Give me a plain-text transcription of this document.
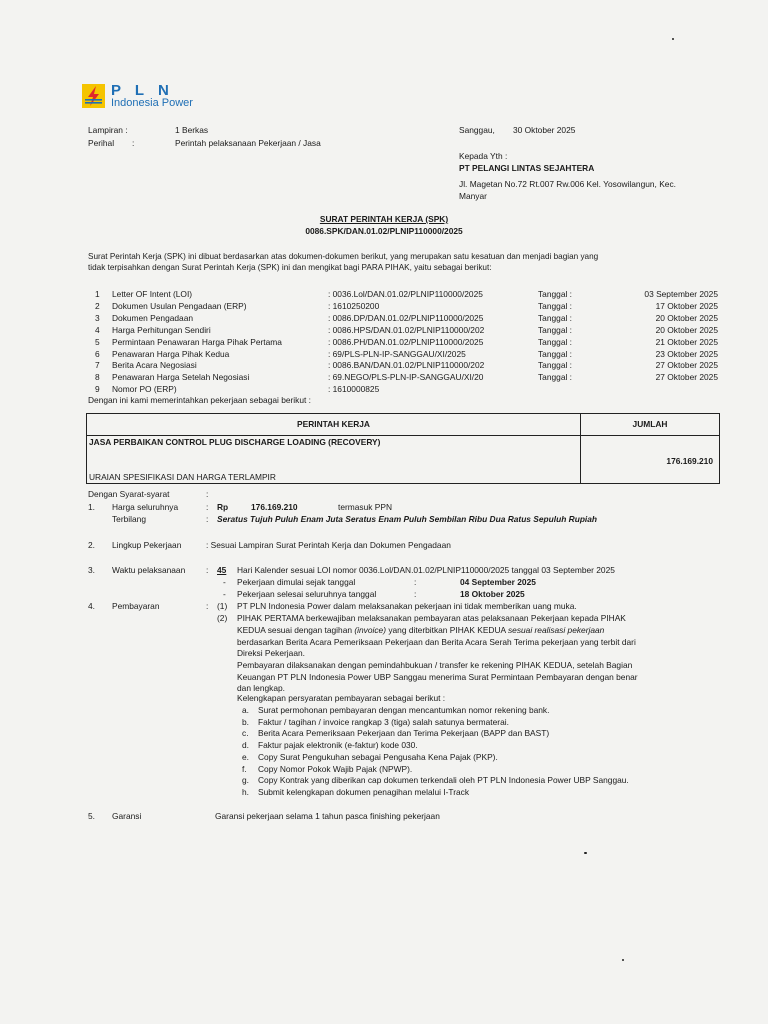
P L N
Indonesia Power
Lampiran :	1 Berkas
Perihal :	Perintah pelaksanaan Pekerjaan / Jasa
Sanggau, 30 Oktober 2025
Kepada Yth :
PT PELANGI LINTAS SEJAHTERA
Jl. Magetan No.72 Rt.007 Rw.006 Kel. Yosowilangun, Kec.
Manyar
SURAT PERINTAH KERJA (SPK)
0086.SPK/DAN.01.02/PLNIP110000/2025
Surat Perintah Kerja (SPK) ini dibuat berdasarkan atas dokumen-dokumen berikut, yang merupakan satu kesatuan dan menjadi bagian yang
tidak terpisahkan dengan Surat Perintah Kerja (SPK) ini dan mengikat bagi PARA PIHAK, yaitu sebagai berikut:
1 Letter OF Intent (LOI)	: 0036.Lol/DAN.01.02/PLNIP110000/2025	Tanggal :	03 September 2025
2 Dokumen Usulan Pengadaan (ERP)	: 1610250200	Tanggal :	17 Oktober 2025
3 Dokumen Pengadaan	: 0086.DP/DAN.01.02/PLNIP110000/2025	Tanggal :	20 Oktober 2025
4 Harga Perhitungan Sendiri	: 0086.HPS/DAN.01.02/PLNIP110000/202	Tanggal :	20 Oktober 2025
5 Permintaan Penawaran Harga Pihak Pertama	: 0086.PH/DAN.01.02/PLNIP110000/2025	Tanggal :	21 Oktober 2025
6 Penawaran Harga Pihak Kedua	: 69/PLS-PLN-IP-SANGGAU/XI/2025	Tanggal :	23 Oktober 2025
7 Berita Acara Negosiasi	: 0086.BAN/DAN.01.02/PLNIP110000/202	Tanggal :	27 Oktober 2025
8 Penawaran Harga Setelah Negosiasi	: 69.NEGO/PLS-PLN-IP-SANGGAU/XI/20	Tanggal :	27 Oktober 2025
9 Nomor PO (ERP)	: 1610000825
Dengan ini kami memerintahkan pekerjaan sebagai berikut :
PERINTAH KERJA	JUMLAH
JASA PERBAIKAN CONTROL PLUG DISCHARGE LOADING (RECOVERY)
176.169.210
URAIAN SPESIFIKASI DAN HARGA TERLAMPIR
Dengan Syarat-syarat	:
1. Harga seluruhnya	: Rp	176.169.210	termasuk PPN
Terbilang	: Seratus Tujuh Puluh Enam Juta Seratus Enam Puluh Sembilan Ribu Dua Ratus Sepuluh Rupiah
2. Lingkup Pekerjaan	: Sesuai Lampiran Surat Perintah Kerja dan Dokumen Pengadaan
3. Waktu pelaksanaan : 45 Hari Kalender sesuai LOI nomor 0036.Lol/DAN.01.02/PLNIP110000/2025 tanggal 03 September 2025
- Pekerjaan dimulai sejak tanggal	:	04 September 2025
- Pekerjaan selesai seluruhnya tanggal	:	18 Oktober 2025
4. Pembayaran	: (1) PT PLN Indonesia Power dalam melaksanakan pekerjaan ini tidak memberikan uang muka.
(2) PIHAK PERTAMA berkewajiban melaksanakan pembayaran atas pelaksanaan Pekerjaan kepada PIHAK
KEDUA sesuai dengan tagihan (invoice) yang diterbitkan PIHAK KEDUA sesuai realisasi pekerjaan
berdasarkan Berita Acara Pemeriksaan Pekerjaan dan Berita Acara Serah Terima pekerjaan yang terbit dari
Direksi Pekerjaan.
Pembayaran dilaksanakan dengan pemindahbukuan / transfer ke rekening PIHAK KEDUA, setelah Bagian
Keuangan PT PLN Indonesia Power UBP Sanggau menerima Surat Permintaan Pembayaran dengan benar
dan lengkap.
Kelengkapan persyaratan pembayaran sebagai berikut :
a. Surat permohonan pembayaran dengan mencantumkan nomor rekening bank.
b. Faktur / tagihan / invoice rangkap 3 (tiga) salah satunya bermaterai.
c. Berita Acara Pemeriksaan Pekerjaan dan Terima Pekerjaan (BAPP dan BAST)
d. Faktur pajak elektronik (e-faktur) kode 030.
e. Copy Surat Pengukuhan sebagai Pengusaha Kena Pajak (PKP).
f. Copy Nomor Pokok Wajib Pajak (NPWP).
g. Copy Kontrak yang diberikan cap dokumen terkendali oleh PT PLN Indonesia Power UBP Sanggau.
h. Submit kelengkapan dokumen penagihan melalui I-Track
5. Garansi	Garansi pekerjaan selama 1 tahun pasca finishing pekerjaan
